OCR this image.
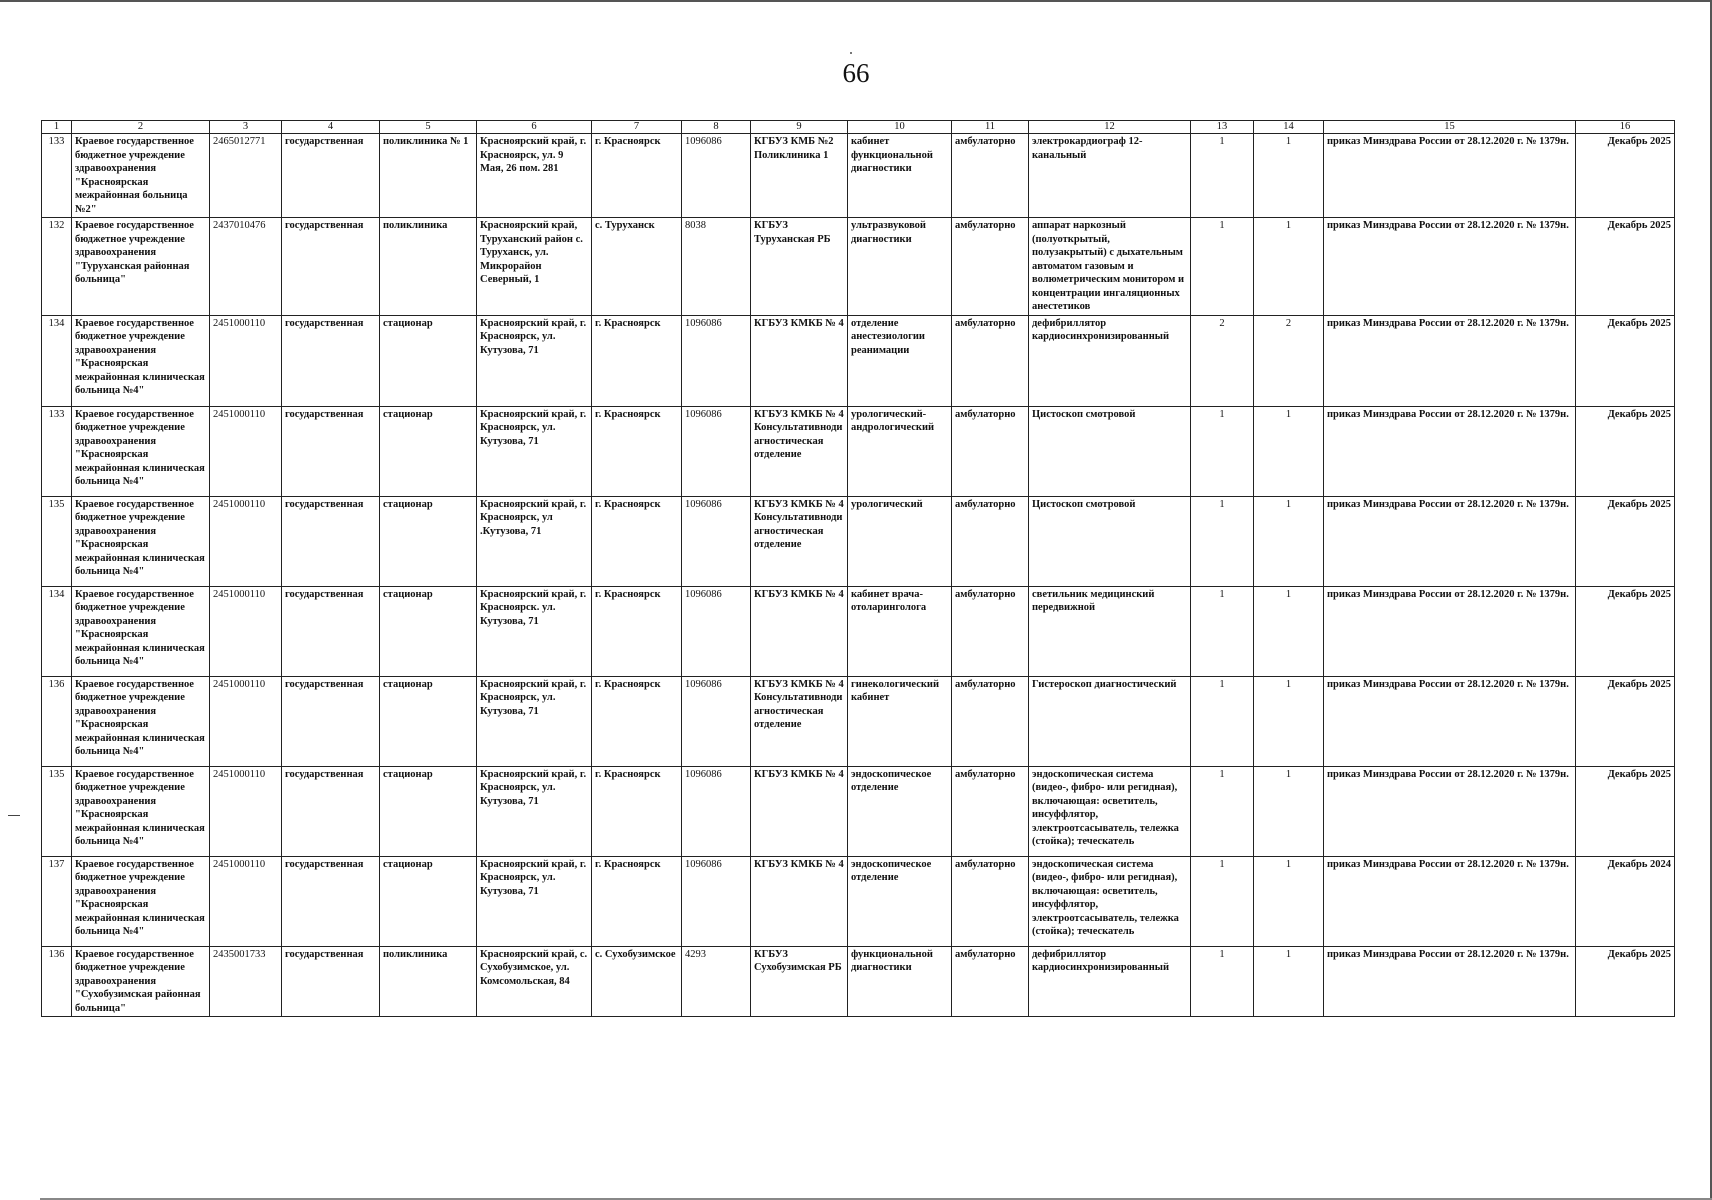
66
1	2	3	4	5	6	7	8	9	10	11	12	13	14	15	16
133	Краевое государственное бюджетное учреждение здравоохранения "Красноярская межрайонная больница №2"	2465012771	государственная	поликлиника № 1	Красноярский край, г. Красноярск, ул. 9 Мая, 26 пом. 281	г. Красноярск	1096086	КГБУЗ КМБ №2 Поликлиника 1	кабинет функциональной диагностики	амбулаторно	электрокардиограф 12-канальный	1	1	приказ Минздрава России от 28.12.2020 г. № 1379н.	Декабрь 2025
132	Краевое государственное бюджетное учреждение здравоохранения "Туруханская районная больница"	2437010476	государственная	поликлиника	Красноярский край, Туруханский район с. Туруханск, ул. Микрорайон Северный, 1	с. Туруханск	8038	КГБУЗ Туруханская РБ	ультразвуковой диагностики	амбулаторно	аппарат наркозный (полуоткрытый, полузакрытый) с дыхательным автоматом газовым и волюметрическим монитором и концентрации ингаляционных анестетиков	1	1	приказ Минздрава России от 28.12.2020 г. № 1379н.	Декабрь 2025
134	Краевое государственное бюджетное учреждение здравоохранения "Красноярская межрайонная клиническая больница №4"	2451000110	государственная	стационар	Красноярский край, г. Красноярск, ул. Кутузова, 71	г. Красноярск	1096086	КГБУЗ КМКБ № 4	отделение анестезиологии реанимации	амбулаторно	дефибриллятор кардиосинхронизированный	2	2	приказ Минздрава России от 28.12.2020 г. № 1379н.	Декабрь 2025
133	Краевое государственное бюджетное учреждение здравоохранения "Красноярская межрайонная клиническая больница №4"	2451000110	государственная	стационар	Красноярский край, г. Красноярск, ул. Кутузова, 71	г. Красноярск	1096086	КГБУЗ КМКБ № 4 Консультативноди агностическая отделение	урологический-андрологический	амбулаторно	Цистоскоп смотровой	1	1	приказ Минздрава России от 28.12.2020 г. № 1379н.	Декабрь 2025
135	Краевое государственное бюджетное учреждение здравоохранения "Красноярская межрайонная клиническая больница №4"	2451000110	государственная	стационар	Красноярский край, г. Красноярск, ул .Кутузова, 71	г. Красноярск	1096086	КГБУЗ КМКБ № 4 Консультативноди агностическая отделение	урологический	амбулаторно	Цистоскоп смотровой	1	1	приказ Минздрава России от 28.12.2020 г. № 1379н.	Декабрь 2025
134	Краевое государственное бюджетное учреждение здравоохранения "Красноярская межрайонная клиническая больница №4"	2451000110	государственная	стационар	Красноярский край, г. Красноярск. ул. Кутузова, 71	г. Красноярск	1096086	КГБУЗ КМКБ № 4	кабинет врача-отоларинголога	амбулаторно	светильник медицинский передвижной	1	1	приказ Минздрава России от 28.12.2020 г. № 1379н.	Декабрь 2025
136	Краевое государственное бюджетное учреждение здравоохранения "Красноярская межрайонная клиническая больница №4"	2451000110	государственная	стационар	Красноярский край, г. Красноярск, ул. Кутузова, 71	г. Красноярск	1096086	КГБУЗ КМКБ № 4 Консультативноди агностическая отделение	гинекологический кабинет	амбулаторно	Гистероскоп диагностический	1	1	приказ Минздрава России от 28.12.2020 г. № 1379н.	Декабрь 2025
135	Краевое государственное бюджетное учреждение здравоохранения "Красноярская межрайонная клиническая больница №4"	2451000110	государственная	стационар	Красноярский край, г. Красноярск, ул. Кутузова, 71	г. Красноярск	1096086	КГБУЗ КМКБ № 4	эндоскопическое отделение	амбулаторно	эндоскопическая система (видео-, фибро- или регидная), включающая: осветитель, инсуффлятор, электроотсасыватель, тележка (стойка); теческатель	1	1	приказ Минздрава России от 28.12.2020 г. № 1379н.	Декабрь 2025
137	Краевое государственное бюджетное учреждение здравоохранения "Красноярская межрайонная клиническая больница №4"	2451000110	государственная	стационар	Красноярский край, г. Красноярск, ул. Кутузова, 71	г. Красноярск	1096086	КГБУЗ КМКБ № 4	эндоскопическое отделение	амбулаторно	эндоскопическая система (видео-, фибро- или регидная), включающая: осветитель, инсуффлятор, электроотсасыватель, тележка (стойка); теческатель	1	1	приказ Минздрава России от 28.12.2020 г. № 1379н.	Декабрь 2024
136	Краевое государственное бюджетное учреждение здравоохранения "Сухобузимская районная больница"	2435001733	государственная	поликлиника	Красноярский край, с. Сухобузимское, ул. Комсомольская, 84	с. Сухобузимское	4293	КГБУЗ Сухобузимская РБ	функциональной диагностики	амбулаторно	дефибриллятор кардиосинхронизированный	1	1	приказ Минздрава России от 28.12.2020 г. № 1379н.	Декабрь 2025
